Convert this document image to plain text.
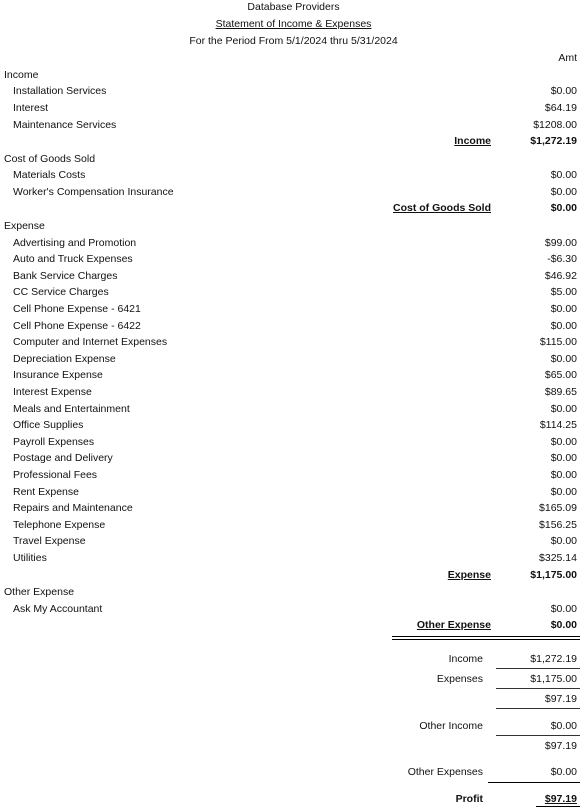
Database Providers
Statement of Income & Expenses
For the Period From 5/1/2024 thru 5/31/2024
Amt
Income
Installation Services	$0.00
Interest	$64.19
Maintenance Services	$1208.00
Income	$1,272.19
Cost of Goods Sold
Materials Costs	$0.00
Worker's Compensation Insurance	$0.00
Cost of Goods Sold	$0.00
Expense
Advertising and Promotion	$99.00
Auto and Truck Expenses	-$6.30
Bank Service Charges	$46.92
CC Service Charges	$5.00
Cell Phone Expense - 6421	$0.00
Cell Phone Expense - 6422	$0.00
Computer and Internet Expenses	$115.00
Depreciation Expense	$0.00
Insurance Expense	$65.00
Interest Expense	$89.65
Meals and Entertainment	$0.00
Office Supplies	$114.25
Payroll Expenses	$0.00
Postage and Delivery	$0.00
Professional Fees	$0.00
Rent Expense	$0.00
Repairs and Maintenance	$165.09
Telephone Expense	$156.25
Travel Expense	$0.00
Utilities	$325.14
Expense	$1,175.00
Other Expense
Ask My Accountant	$0.00
Other Expense	$0.00
Income	$1,272.19
Expenses	$1,175.00
$97.19
Other Income	$0.00
$97.19
Other Expenses	$0.00
Profit	$97.19
